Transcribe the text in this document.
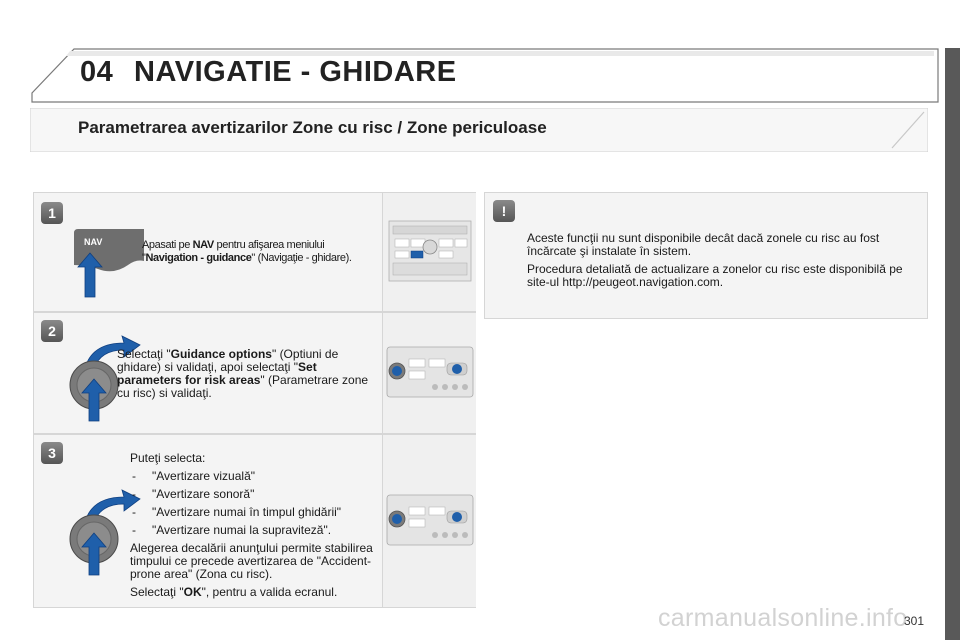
04 NAVIGATIE - GHIDARE
Parametrarea avertizarilor Zone cu risc / Zone periculoase
1
NAV	Apasati pe NAV pentru afişarea meniului
"Navigation - guidance" (Navigaţie - ghidare).
2
Selectaţi "Guidance options" (Optiuni de ghidare) si validaţi, apoi selectaţi "Set parameters for risk areas" (Parametrare zone cu risc) si validaţi.
3	Puteţi selecta:

-	"Avertizare vizuală"
-	"Avertizare sonoră"
-	"Avertizare numai în timpul ghidării"
-	"Avertizare numai la supraviteză".

Alegerea decalării anunţului permite stabilirea timpului ce precede avertizarea de "Accident-prone area" (Zona cu risc).

Selectaţi "OK", pentru a valida ecranul.

!

Aceste funcţii nu sunt disponibile decât dacă zonele cu risc au fost încărcate şi instalate în sistem.

Procedura detaliată de actualizare a zonelor cu risc este disponibilă pe site-ul http://peugeot.navigation.com.

carmanualsonline.info
301
